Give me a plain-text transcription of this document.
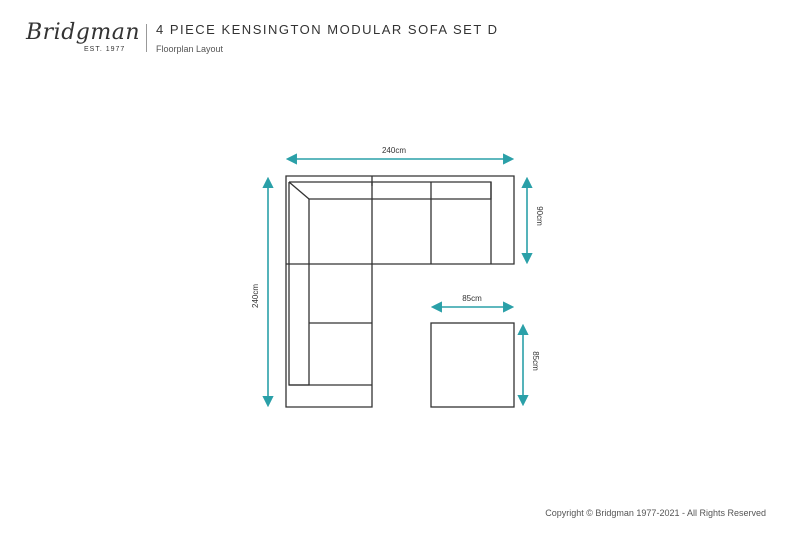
Bridgman
EST. 1977
4 PIECE KENSINGTON MODULAR SOFA SET D
Floorplan Layout
240cm
240cm
90cm
85cm
85cm
Copyright © Bridgman 1977-2021 - All Rights Reserved
